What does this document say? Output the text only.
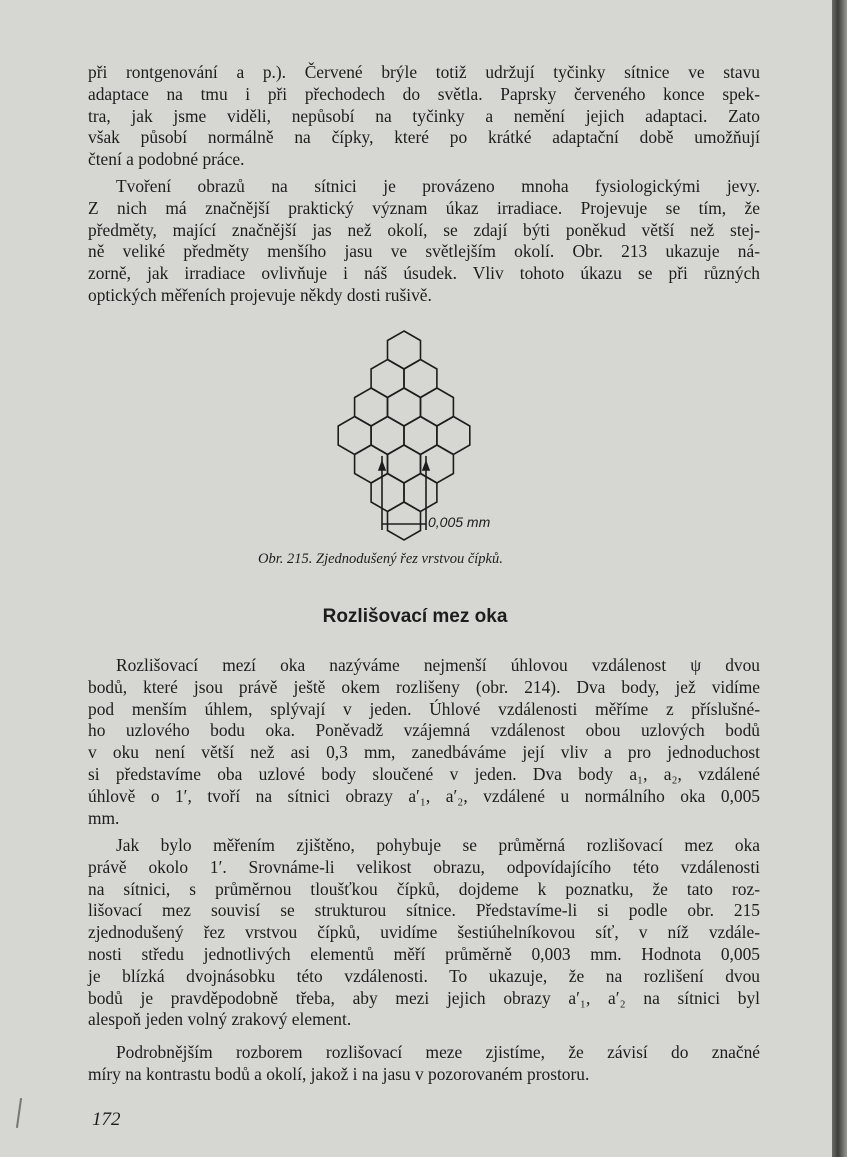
při rontgenování a p.). Červené brýle totiž udržují tyčinky sítnice ve stavu
adaptace na tmu i při přechodech do světla. Paprsky červeného konce spek-
tra, jak jsme viděli, nepůsobí na tyčinky a nemění jejich adaptaci. Zato
však působí normálně na čípky, které po krátké adaptační době umožňují
čtení a podobné práce.
Tvoření obrazů na sítnici je provázeno mnoha fysiologickými jevy.
Z nich má značnější praktický význam úkaz irradiace. Projevuje se tím, že
předměty, mající značnější jas než okolí, se zdají býti poněkud větší než stej-
ně veliké předměty menšího jasu ve světlejším okolí. Obr. 213 ukazuje ná-
zorně, jak irradiace ovlivňuje i náš úsudek. Vliv tohoto úkazu se při různých
optických měřeních projevuje někdy dosti rušivě.
0,005 mm
Obr. 215. Zjednodušený řez vrstvou čípků.
Rozlišovací mez oka
Rozlišovací mezí oka nazýváme nejmenší úhlovou vzdálenost ψ dvou
bodů, které jsou právě ještě okem rozlišeny (obr. 214). Dva body, jež vidíme
pod menším úhlem, splývají v jeden. Úhlové vzdálenosti měříme z příslušné-
ho uzlového bodu oka. Poněvadž vzájemná vzdálenost obou uzlových bodů
v oku není větší než asi 0,3 mm, zanedbáváme její vliv a pro jednoduchost
si představíme oba uzlové body sloučené v jeden. Dva body a₁, a₂, vzdálené
úhlově o 1′, tvoří na sítnici obrazy a′₁, a′₂, vzdálené u normálního oka 0,005
mm.
Jak bylo měřením zjištěno, pohybuje se průměrná rozlišovací mez oka
právě okolo 1′. Srovnáme-li velikost obrazu, odpovídajícího této vzdálenosti
na sítnici, s průměrnou tloušťkou čípků, dojdeme k poznatku, že tato roz-
lišovací mez souvisí se strukturou sítnice. Představíme-li si podle obr. 215
zjednodušený řez vrstvou čípků, uvidíme šestiúhelníkovou síť, v níž vzdále-
nosti středu jednotlivých elementů měří průměrně 0,003 mm. Hodnota 0,005
je blízká dvojnásobku této vzdálenosti. To ukazuje, že na rozlišení dvou
bodů je pravděpodobně třeba, aby mezi jejich obrazy a′₁, a′₂ na sítnici byl
alespoň jeden volný zrakový element.
Podrobnějším rozborem rozlišovací meze zjistíme, že závisí do značné
míry na kontrastu bodů a okolí, jakož i na jasu v pozorovaném prostoru.
172
